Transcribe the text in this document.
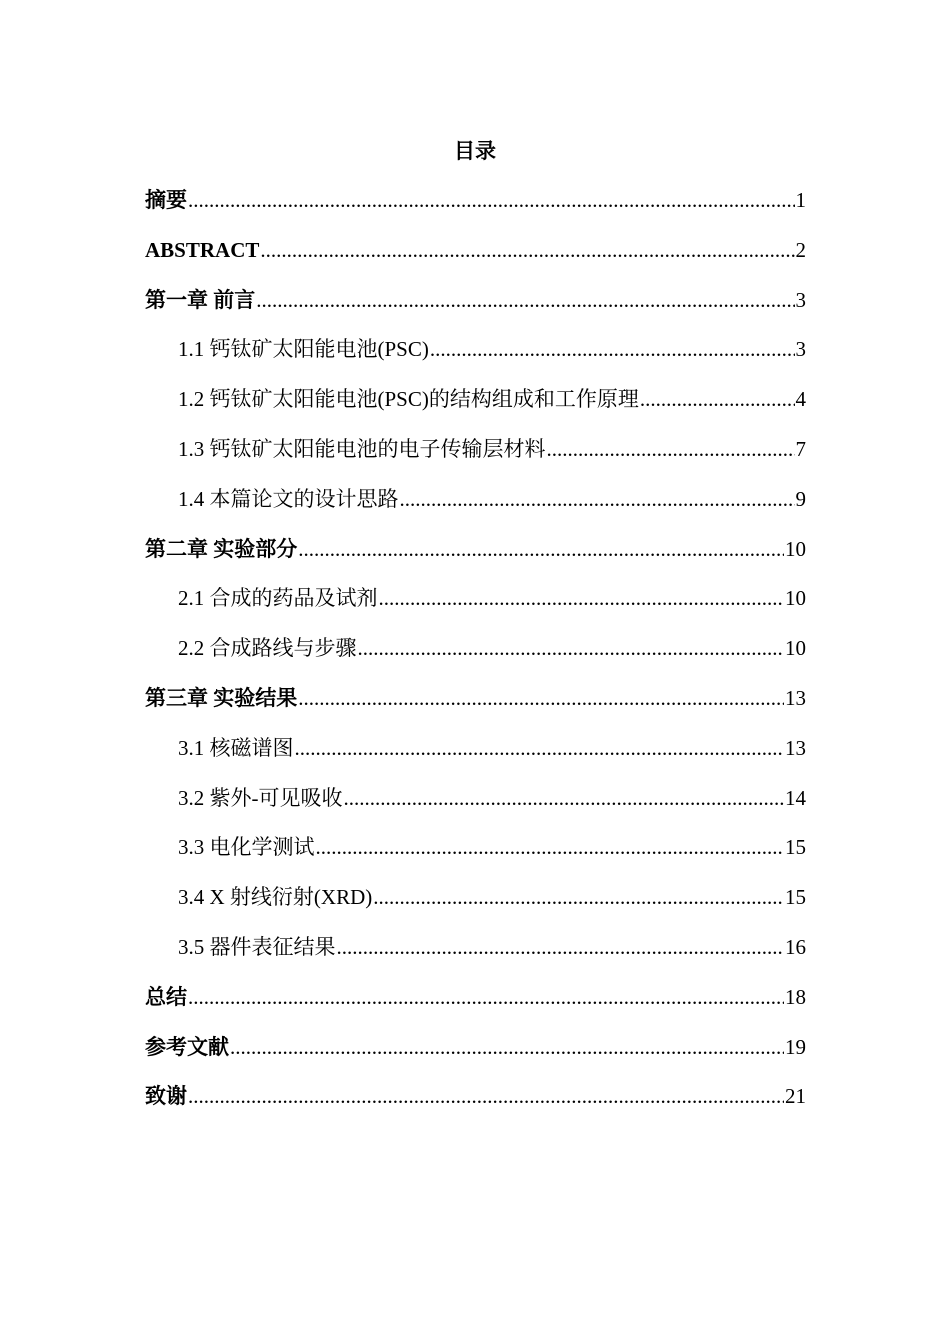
目录
摘要 .....	1
ABSTRACT .....	2
第一章 前言 .....	3
1.1 钙钛矿太阳能电池(PSC) .....	3
1.2 钙钛矿太阳能电池(PSC)的结构组成和工作原理 .....	4
1.3 钙钛矿太阳能电池的电子传输层材料 .....	7
1.4 本篇论文的设计思路 .....	9
第二章 实验部分 .....	10
2.1 合成的药品及试剂 .....	10
2.2 合成路线与步骤 .....	10
第三章 实验结果 .....	13
3.1 核磁谱图 .....	13
3.2 紫外-可见吸收 .....	14
3.3 电化学测试 .....	15
3.4 X 射线衍射(XRD) .....	15
3.5 器件表征结果 .....	16
总结 .....	18
参考文献 .....	19
致谢 .....	21
